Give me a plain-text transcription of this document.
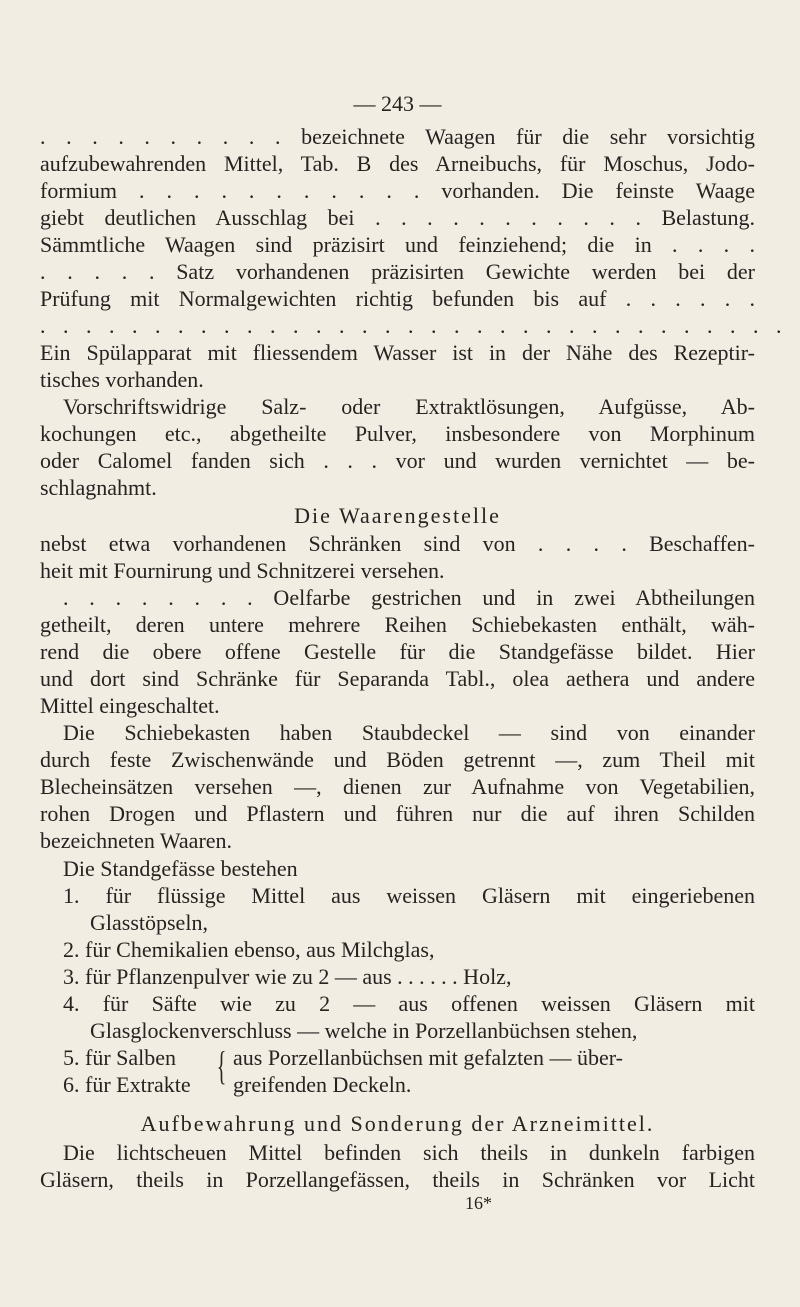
— 243 —
. . . . . . . . . . bezeichnete Waagen für die sehr vorsichtig
aufzubewahrenden Mittel, Tab. B des Arneibuchs, für Moschus, Jodo-
formium . . . . . . . . . . . vorhanden. Die feinste Waage
giebt deutlichen Ausschlag bei . . . . . . . . . . . Belastung.
Sämmtliche Waagen sind präzisirt und feinziehend; die in . . . .
. . . . . Satz vorhandenen präzisirten Gewichte werden bei der
Prüfung mit Normalgewichten richtig befunden bis auf . . . . . .
. . . . . . . . . . . . . . . . . . . . . . . . . . . . . . . . .
Ein Spülapparat mit fliessendem Wasser ist in der Nähe des Rezeptir-
tisches vorhanden.
Vorschriftswidrige Salz- oder Extraktlösungen, Aufgüsse, Ab-
kochungen etc., abgetheilte Pulver, insbesondere von Morphinum
oder Calomel fanden sich . . . vor und wurden vernichtet — be-
schlagnahmt.
Die Waarengestelle
nebst etwa vorhandenen Schränken sind von . . . . Beschaffen-
heit mit Fournirung und Schnitzerei versehen.
. . . . . . . . Oelfarbe gestrichen und in zwei Abtheilungen
getheilt, deren untere mehrere Reihen Schiebekasten enthält, wäh-
rend die obere offene Gestelle für die Standgefässe bildet. Hier
und dort sind Schränke für Separanda Tabl., olea aethera und andere
Mittel eingeschaltet.
Die Schiebekasten haben Staubdeckel — sind von einander
durch feste Zwischenwände und Böden getrennt —, zum Theil mit
Blecheinsätzen versehen —, dienen zur Aufnahme von Vegetabilien,
rohen Drogen und Pflastern und führen nur die auf ihren Schilden
bezeichneten Waaren.
Die Standgefässe bestehen
1. für flüssige Mittel aus weissen Gläsern mit eingeriebenen
Glasstöpseln,
2. für Chemikalien ebenso, aus Milchglas,
3. für Pflanzenpulver wie zu 2 — aus . . . . . . Holz,
4. für Säfte wie zu 2 — aus offenen weissen Gläsern mit
Glasglockenverschluss — welche in Porzellanbüchsen stehen,
5. für Salben
6. für Extrakte { aus Porzellanbüchsen mit gefalzten — über-
greifenden Deckeln.
Aufbewahrung und Sonderung der Arzneimittel.
Die lichtscheuen Mittel befinden sich theils in dunkeln farbigen
Gläsern, theils in Porzellangefässen, theils in Schränken vor Licht
16*
